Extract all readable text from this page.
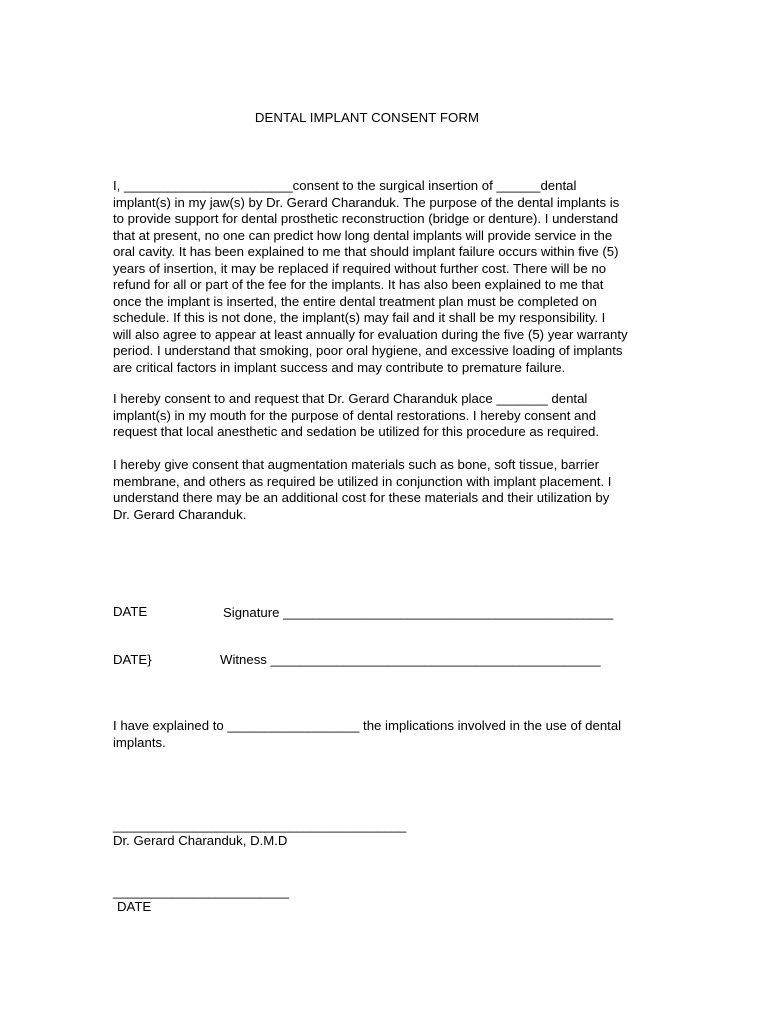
DENTAL IMPLANT CONSENT FORM
I, _______________________consent to the surgical insertion of ______dental
implant(s) in my jaw(s) by Dr. Gerard Charanduk. The purpose of the dental implants is
to provide support for dental prosthetic reconstruction (bridge or denture). I understand
that at present, no one can predict how long dental implants will provide service in the
oral cavity. It has been explained to me that should implant failure occurs within five (5)
years of insertion, it may be replaced if required without further cost. There will be no
refund for all or part of the fee for the implants. It has also been explained to me that
once the implant is inserted, the entire dental treatment plan must be completed on
schedule. If this is not done, the implant(s) may fail and it shall be my responsibility. I
will also agree to appear at least annually for evaluation during the five (5) year warranty
period. I understand that smoking, poor oral hygiene, and excessive loading of implants
are critical factors in implant success and may contribute to premature failure.
I hereby consent to and request that Dr. Gerard Charanduk place _______ dental
implant(s) in my mouth for the purpose of dental restorations. I hereby consent and
request that local anesthetic and sedation be utilized for this procedure as required.
I hereby give consent that augmentation materials such as bone, soft tissue, barrier
membrane, and others as required be utilized in conjunction with implant placement. I
understand there may be an additional cost for these materials and their utilization by
Dr. Gerard Charanduk.
DATE	Signature _____________________________________________
DATE}	Witness _____________________________________________
I have explained to __________________ the implications involved in the use of dental
implants.
________________________________________
Dr. Gerard Charanduk, D.M.D
________________________
DATE
